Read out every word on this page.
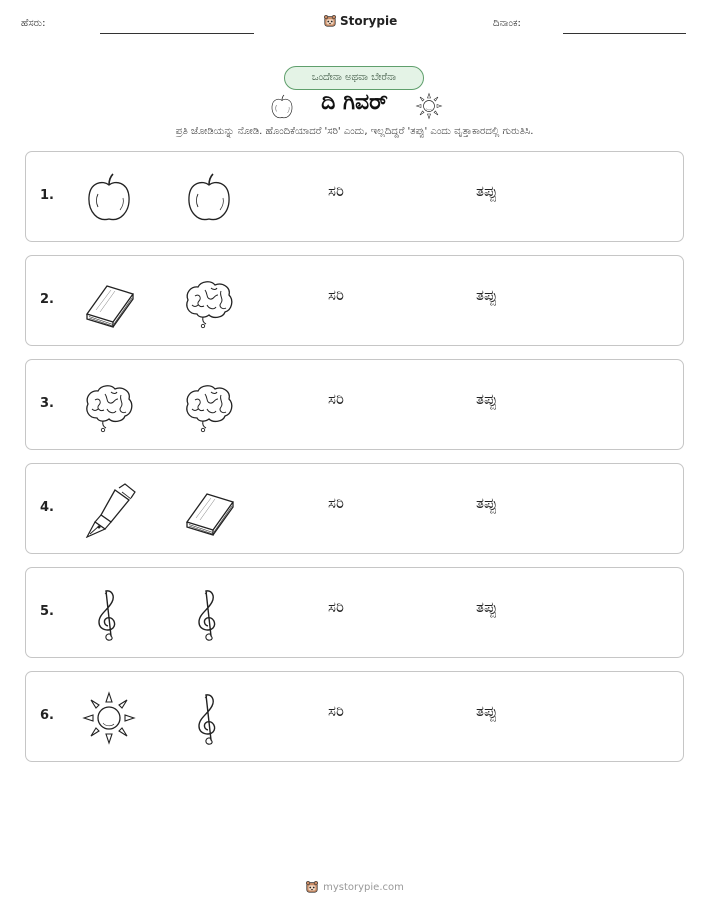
ಹೆಸರು:	Storypie	ದಿನಾಂಕ:
ಒಂದೇನಾ ಅಥವಾ ಬೇರೆನಾ
ದಿ ಗಿವರ್
ಪ್ರತಿ ಜೋಡಿಯನ್ನು ನೋಡಿ. ಹೊಂದಿಕೆಯಾದರೆ 'ಸರಿ' ಎಂದು, ಇಲ್ಲದಿದ್ದರೆ 'ತಪ್ಪು' ಎಂದು ವೃತ್ತಾಕಾರದಲ್ಲಿ ಗುರುತಿಸಿ.
1.	ಸರಿ	ತಪ್ಪು
2.	ಸರಿ	ತಪ್ಪು
3.	ಸರಿ	ತಪ್ಪು
4.	ಸರಿ	ತಪ್ಪು
5.	ಸರಿ	ತಪ್ಪು
6.	ಸರಿ	ತಪ್ಪು
mystorypie.com
